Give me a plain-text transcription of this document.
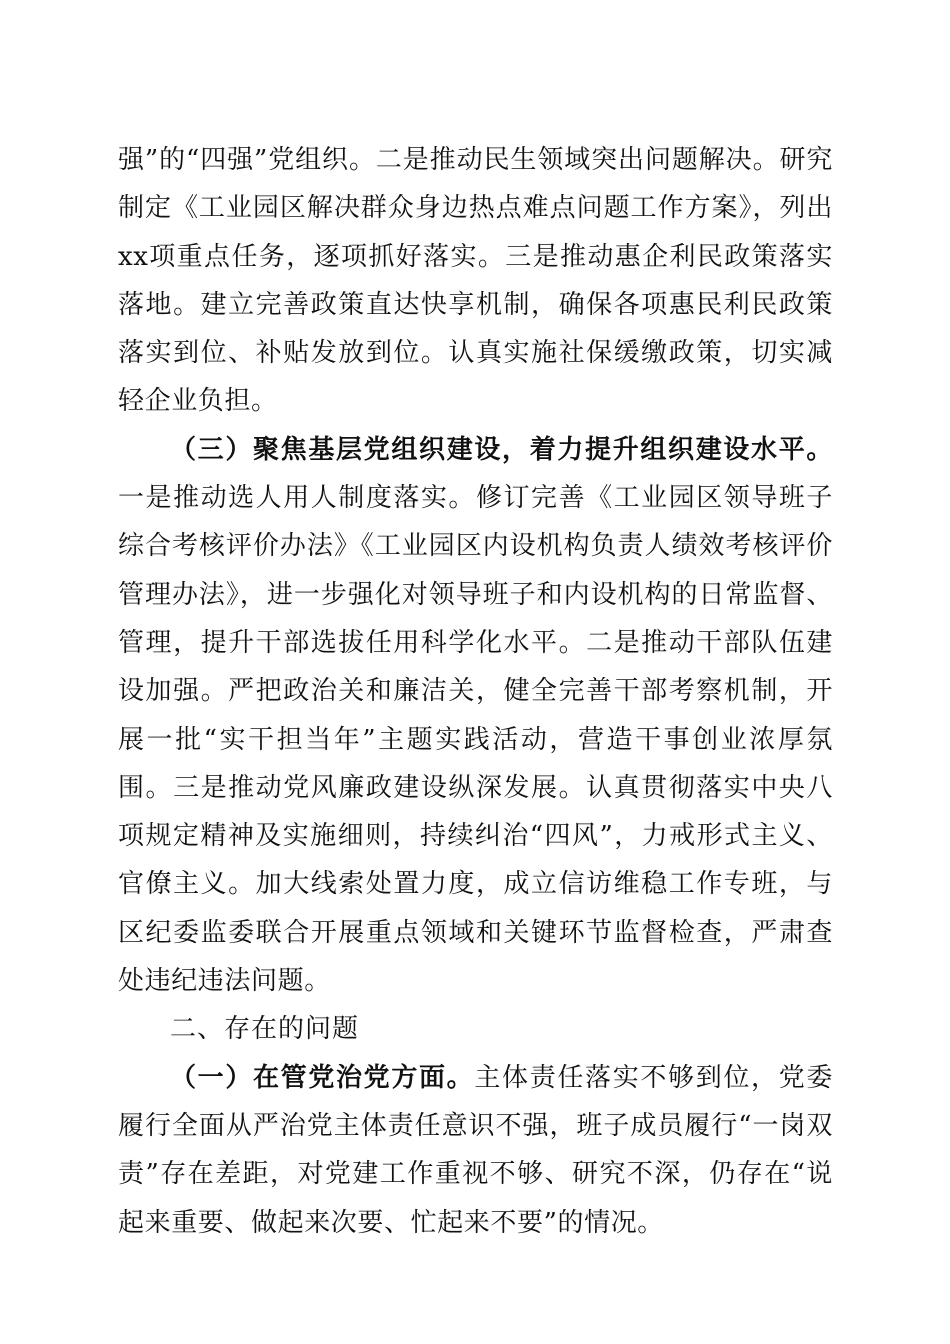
强”的“四强”党组织。二是推动民生领域突出问题解决。研究制定《工业园区解决群众身边热点难点问题工作方案》，列出xx项重点任务，逐项抓好落实。三是推动惠企利民政策落实落地。建立完善政策直达快享机制，确保各项惠民利民政策落实到位、补贴发放到位。认真实施社保缓缴政策，切实减轻企业负担。

（三）聚焦基层党组织建设，着力提升组织建设水平。一是推动选人用人制度落实。修订完善《工业园区领导班子综合考核评价办法》《工业园区内设机构负责人绩效考核评价管理办法》，进一步强化对领导班子和内设机构的日常监督、管理，提升干部选拔任用科学化水平。二是推动干部队伍建设加强。严把政治关和廉洁关，健全完善干部考察机制，开展一批“实干担当年”主题实践活动，营造干事创业浓厚氛围。三是推动党风廉政建设纵深发展。认真贯彻落实中央八项规定精神及实施细则，持续纠治“四风”，力戒形式主义、官僚主义。加大线索处置力度，成立信访维稳工作专班，与区纪委监委联合开展重点领域和关键环节监督检查，严肃查处违纪违法问题。

二、存在的问题

（一）在管党治党方面。主体责任落实不够到位，党委履行全面从严治党主体责任意识不强，班子成员履行“一岗双责”存在差距，对党建工作重视不够、研究不深，仍存在“说起来重要、做起来次要、忙起来不要”的情况。
